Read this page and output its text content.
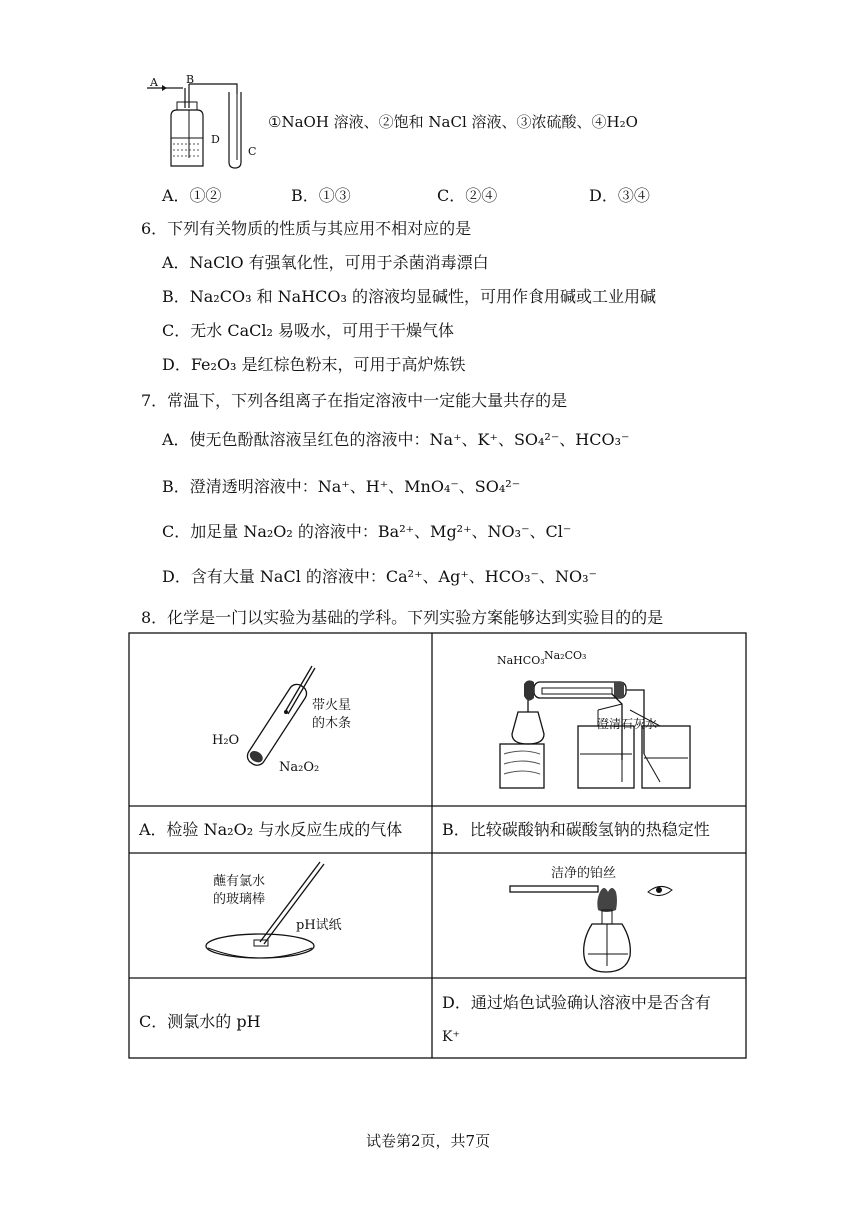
A	B
D
C
①NaOH 溶液、②饱和 NaCl 溶液、③浓硫酸、④H₂O
A．①②	B．①③	C．②④	D．③④
6．下列有关物质的性质与其应用不相对应的是
A．NaClO 有强氧化性，可用于杀菌消毒漂白
B．Na₂CO₃ 和 NaHCO₃ 的溶液均显碱性，可用作食用碱或工业用碱
C．无水 CaCl₂ 易吸水，可用于干燥气体
D．Fe₂O₃ 是红棕色粉末，可用于高炉炼铁
7．常温下，下列各组离子在指定溶液中一定能大量共存的是
A．使无色酚酞溶液呈红色的溶液中：Na⁺、K⁺、SO₄²⁻、HCO₃⁻
B．澄清透明溶液中：Na⁺、H⁺、MnO₄⁻、SO₄²⁻
C．加足量 Na₂O₂ 的溶液中：Ba²⁺、Mg²⁺、NO₃⁻、Cl⁻
D．含有大量 NaCl 的溶液中：Ca²⁺、Ag⁺、HCO₃⁻、NO₃⁻
8．化学是一门以实验为基础的学科。下列实验方案能够达到实验目的的是
带火星
的木条
H₂O
Na₂O₂
NaHCO₃ Na₂CO₃
澄清石灰水
A．检验 Na₂O₂ 与水反应生成的气体 B．比较碳酸钠和碳酸氢钠的热稳定性
蘸有氯水
的玻璃棒
pH试纸
洁净的铂丝
C．测氯水的 pH
D．通过焰色试验确认溶液中是否含有
K⁺
试卷第2页，共7页
